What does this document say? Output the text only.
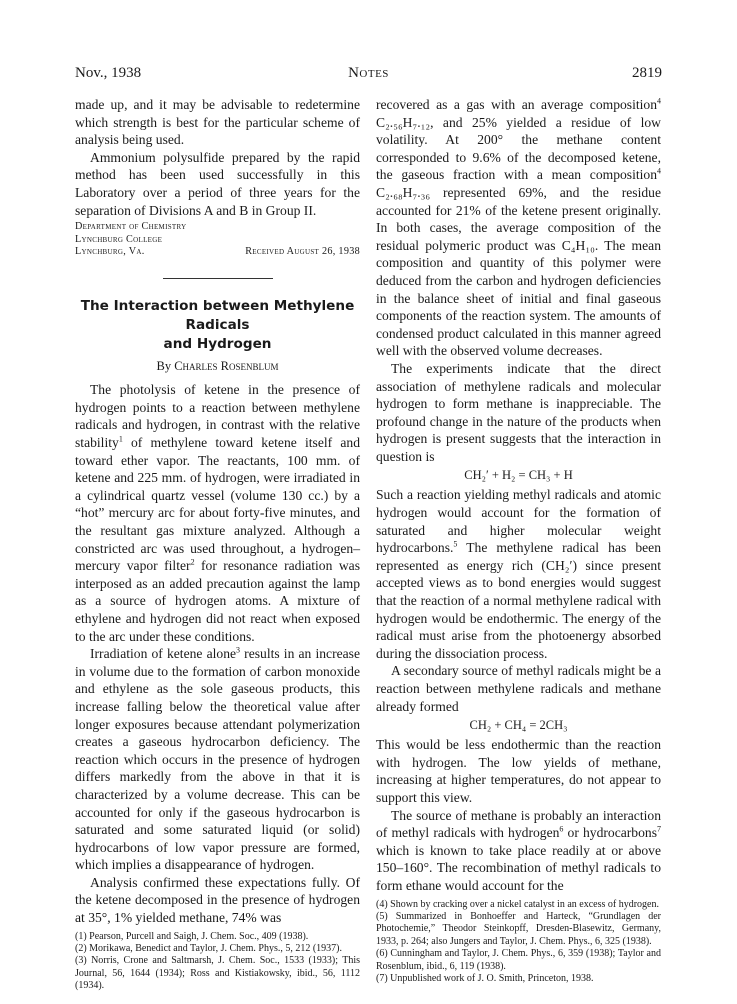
Nov., 1938	Notes	2819

made up, and it may be advisable to redetermine which strength is best for the particular scheme of analysis being used.

Ammonium polysulfide prepared by the rapid method has been used successfully in this Laboratory over a period of three years for the separation of Divisions A and B in Group II.

Department of Chemistry
Lynchburg College
Lynchburg, Va.	Received August 26, 1938
The Interaction between Methylene Radicals
and Hydrogen
By Charles Rosenblum

The photolysis of ketene in the presence of hydrogen points to a reaction between methylene radicals and hydrogen, in contrast with the relative stability$^1$ of methylene toward ketene itself and toward ether vapor. The reactants, 100 mm. of ketene and 225 mm. of hydrogen, were irradiated in a cylindrical quartz vessel (volume 130 cc.) by a “hot” mercury arc for about forty-five minutes, and the resultant gas mixture analyzed. Although a constricted arc was used throughout, a hydrogen–mercury vapor filter$^2$ for resonance radiation was interposed as an added precaution against the lamp as a source of hydrogen atoms. A mixture of ethylene and hydrogen did not react when exposed to the arc under these conditions.

Irradiation of ketene alone$^3$ results in an increase in volume due to the formation of carbon monoxide and ethylene as the sole gaseous products, this increase falling below the theoretical value after longer exposures because attendant polymerization creates a gaseous hydrocarbon deficiency. The reaction which occurs in the presence of hydrogen differs markedly from the above in that it is characterized by a volume decrease. This can be accounted for only if the gaseous hydrocarbon is saturated and some saturated liquid (or solid) hydrocarbons of low vapor pressure are formed, which implies a disappearance of hydrogen.

Analysis confirmed these expectations fully. Of the ketene decomposed in the presence of hydrogen at 35°, 1% yielded methane, 74% was

(1) Pearson, Purcell and Saigh, J. Chem. Soc., 409 (1938).

(2) Morikawa, Benedict and Taylor, J. Chem. Phys., 5, 212 (1937).

(3) Norris, Crone and Saltmarsh, J. Chem. Soc., 1533 (1933); This Journal, 56, 1644 (1934); Ross and Kistiakowsky, ibid., 56, 1112 (1934).

recovered as a gas with an average composition$^4$ C₂.₅₆H₇.₁₂, and 25% yielded a residue of low volatility. At 200° the methane content corresponded to 9.6% of the decomposed ketene, the gaseous fraction with a mean composition$^4$ C₂.₆₈H₇.₃₆ represented 69%, and the residue accounted for 21% of the ketene present originally. In both cases, the average composition of the residual polymeric product was C₄H₁₀. The mean composition and quantity of this polymer were deduced from the carbon and hydrogen deficiencies in the balance sheet of initial and final gaseous components of the reaction system. The amounts of condensed product calculated in this manner agreed well with the observed volume decreases.

The experiments indicate that the direct association of methylene radicals and molecular hydrogen to form methane is inappreciable. The profound change in the nature of the products when hydrogen is present suggests that the interaction in question is

CH₂′ + H₂ = CH₃ + H

Such a reaction yielding methyl radicals and atomic hydrogen would account for the formation of saturated and higher molecular weight hydrocarbons.$^5$ The methylene radical has been represented as energy rich (CH₂′) since present accepted views as to bond energies would suggest that the reaction of a normal methylene radical with hydrogen would be endothermic. The energy of the radical must arise from the photoenergy absorbed during the dissociation process.

A secondary source of methyl radicals might be a reaction between methylene radicals and methane already formed

CH₂ + CH₄ = 2CH₃

This would be less endothermic than the reaction with hydrogen. The low yields of methane, increasing at higher temperatures, do not appear to support this view.

The source of methane is probably an interaction of methyl radicals with hydrogen$^6$ or hydrocarbons$^7$ which is known to take place readily at or above 150–160°. The recombination of methyl radicals to form ethane would account for the

(4) Shown by cracking over a nickel catalyst in an excess of hydrogen.

(5) Summarized in Bonhoeffer and Harteck, “Grundlagen der Photochemie,” Theodor Steinkopff, Dresden-Blasewitz, Germany, 1933, p. 264; also Jungers and Taylor, J. Chem. Phys., 6, 325 (1938).

(6) Cunningham and Taylor, J. Chem. Phys., 6, 359 (1938); Taylor and Rosenblum, ibid., 6, 119 (1938).

(7) Unpublished work of J. O. Smith, Princeton, 1938.
